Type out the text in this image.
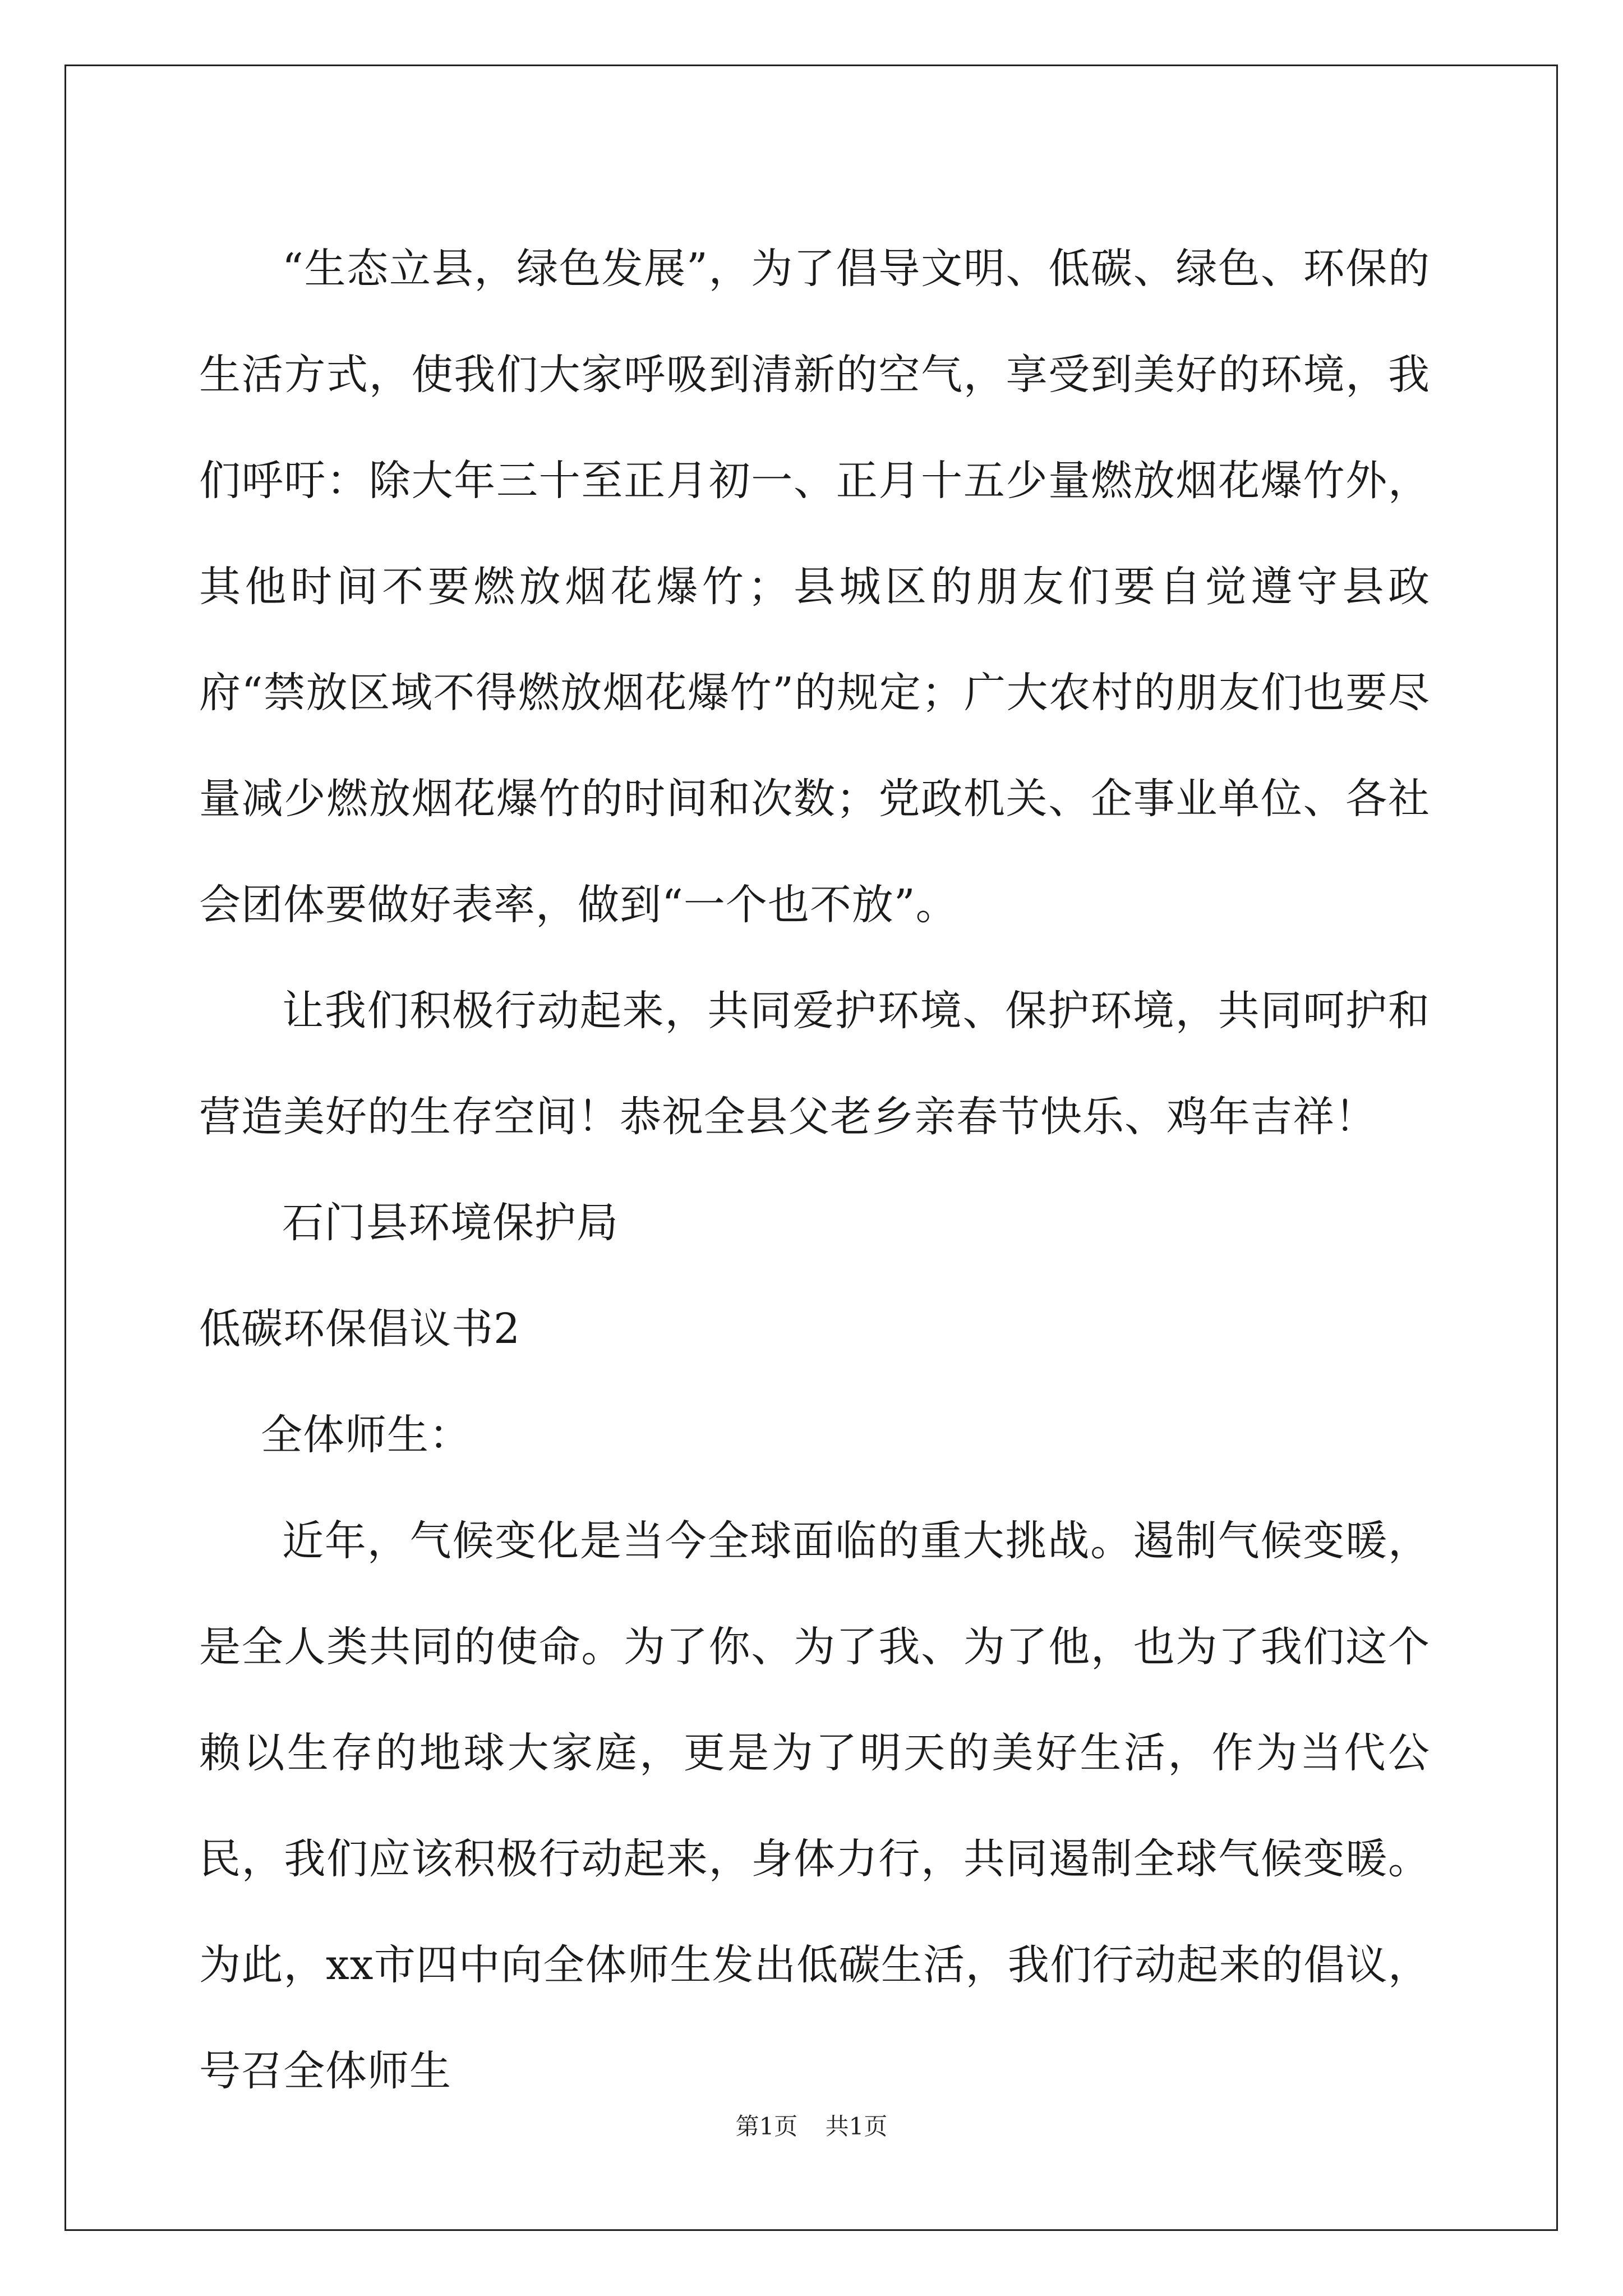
“生态立县，绿色发展”，为了倡导文明、低碳、绿色、环保的生活方式，使我们大家呼吸到清新的空气，享受到美好的环境，我们呼吁：除大年三十至正月初一、正月十五少量燃放烟花爆竹外，其他时间不要燃放烟花爆竹；县城区的朋友们要自觉遵守县政府“禁放区域不得燃放烟花爆竹”的规定；广大农村的朋友们也要尽量减少燃放烟花爆竹的时间和次数；党政机关、企事业单位、各社会团体要做好表率，做到“一个也不放”。

让我们积极行动起来，共同爱护环境、保护环境，共同呵护和营造美好的生存空间！恭祝全县父老乡亲春节快乐、鸡年吉祥！

石门县环境保护局

低碳环保倡议书2

全体师生：

近年，气候变化是当今全球面临的重大挑战。遏制气候变暖，是全人类共同的使命。为了你、为了我、为了他，也为了我们这个赖以生存的地球大家庭，更是为了明天的美好生活，作为当代公民，我们应该积极行动起来，身体力行，共同遏制全球气候变暖。为此，xx市四中向全体师生发出低碳生活，我们行动起来的倡议，号召全体师生

第1页 共1页
